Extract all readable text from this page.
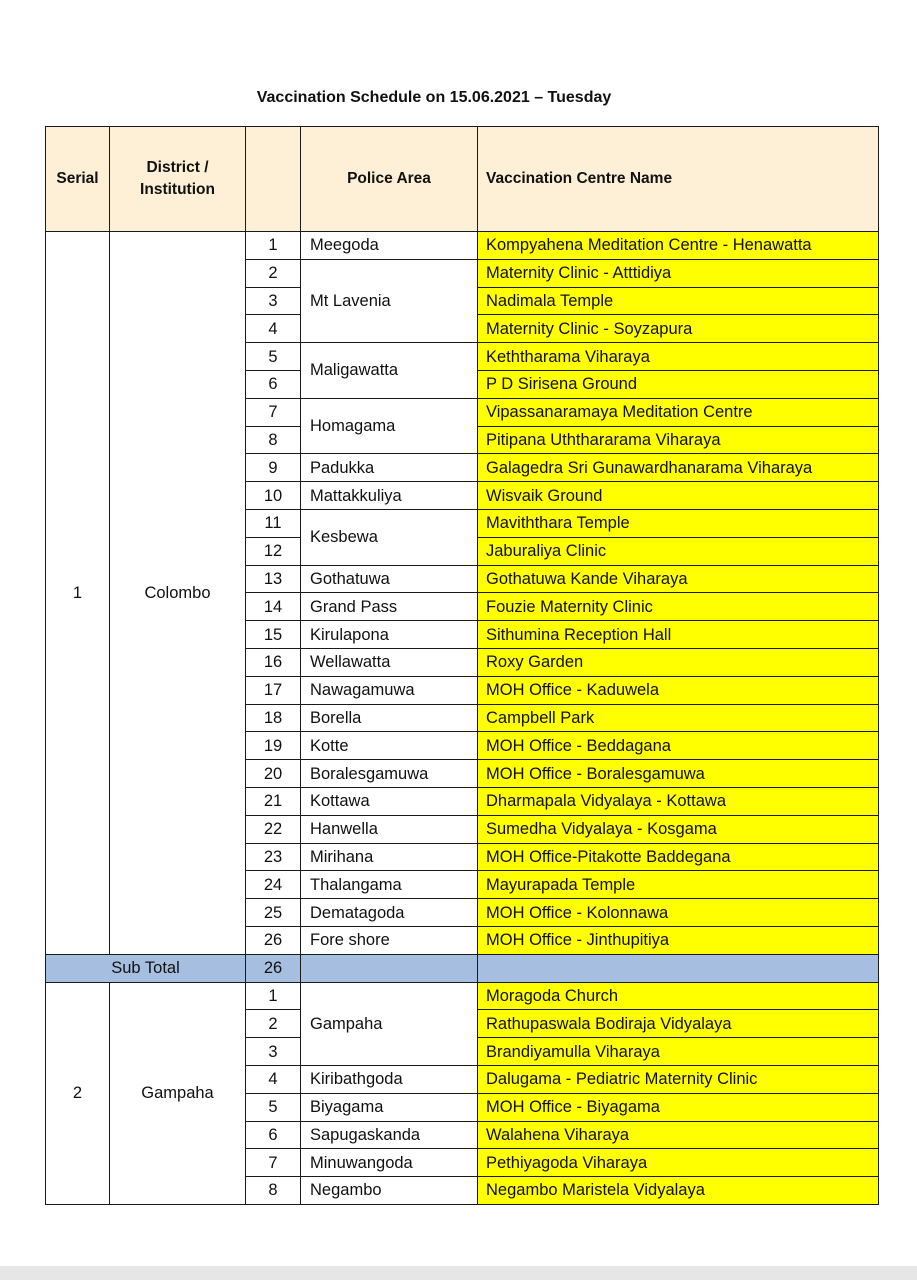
Vaccination Schedule on 15.06.2021 – Tuesday
Serial	District / Institution		Police Area	Vaccination Centre Name
1	Colombo	1	Meegoda	Kompyahena Meditation Centre - Henawatta
		2	Mt Lavenia	Maternity Clinic - Atttidiya
		3		Nadimala Temple
		4		Maternity Clinic - Soyzapura
		5	Maligawatta	Keththarama Viharaya
		6		P D Sirisena Ground
		7	Homagama	Vipassanaramaya Meditation Centre
		8		Pitipana Uththararama Viharaya
		9	Padukka	Galagedra Sri Gunawardhanarama Viharaya
		10	Mattakkuliya	Wisvaik Ground
		11	Kesbewa	Maviththara Temple
		12		Jaburaliya Clinic
		13	Gothatuwa	Gothatuwa Kande Viharaya
		14	Grand Pass	Fouzie Maternity Clinic
		15	Kirulapona	Sithumina Reception Hall
		16	Wellawatta	Roxy Garden
		17	Nawagamuwa	MOH Office - Kaduwela
		18	Borella	Campbell Park
		19	Kotte	MOH Office - Beddagana
		20	Boralesgamuwa	MOH Office - Boralesgamuwa
		21	Kottawa	Dharmapala Vidyalaya - Kottawa
		22	Hanwella	Sumedha Vidyalaya - Kosgama
		23	Mirihana	MOH Office-Pitakotte Baddegana
		24	Thalangama	Mayurapada Temple
		25	Dematagoda	MOH Office - Kolonnawa
		26	Fore shore	MOH Office - Jinthupitiya
Sub Total		26		
2	Gampaha	1	Gampaha	Moragoda Church
		2		Rathupaswala Bodiraja Vidyalaya
		3		Brandiyamulla Viharaya
		4	Kiribathgoda	Dalugama - Pediatric Maternity Clinic
		5	Biyagama	MOH Office - Biyagama
		6	Sapugaskanda	Walahena Viharaya
		7	Minuwangoda	Pethiyagoda Viharaya
		8	Negambo	Negambo Maristela Vidyalaya
